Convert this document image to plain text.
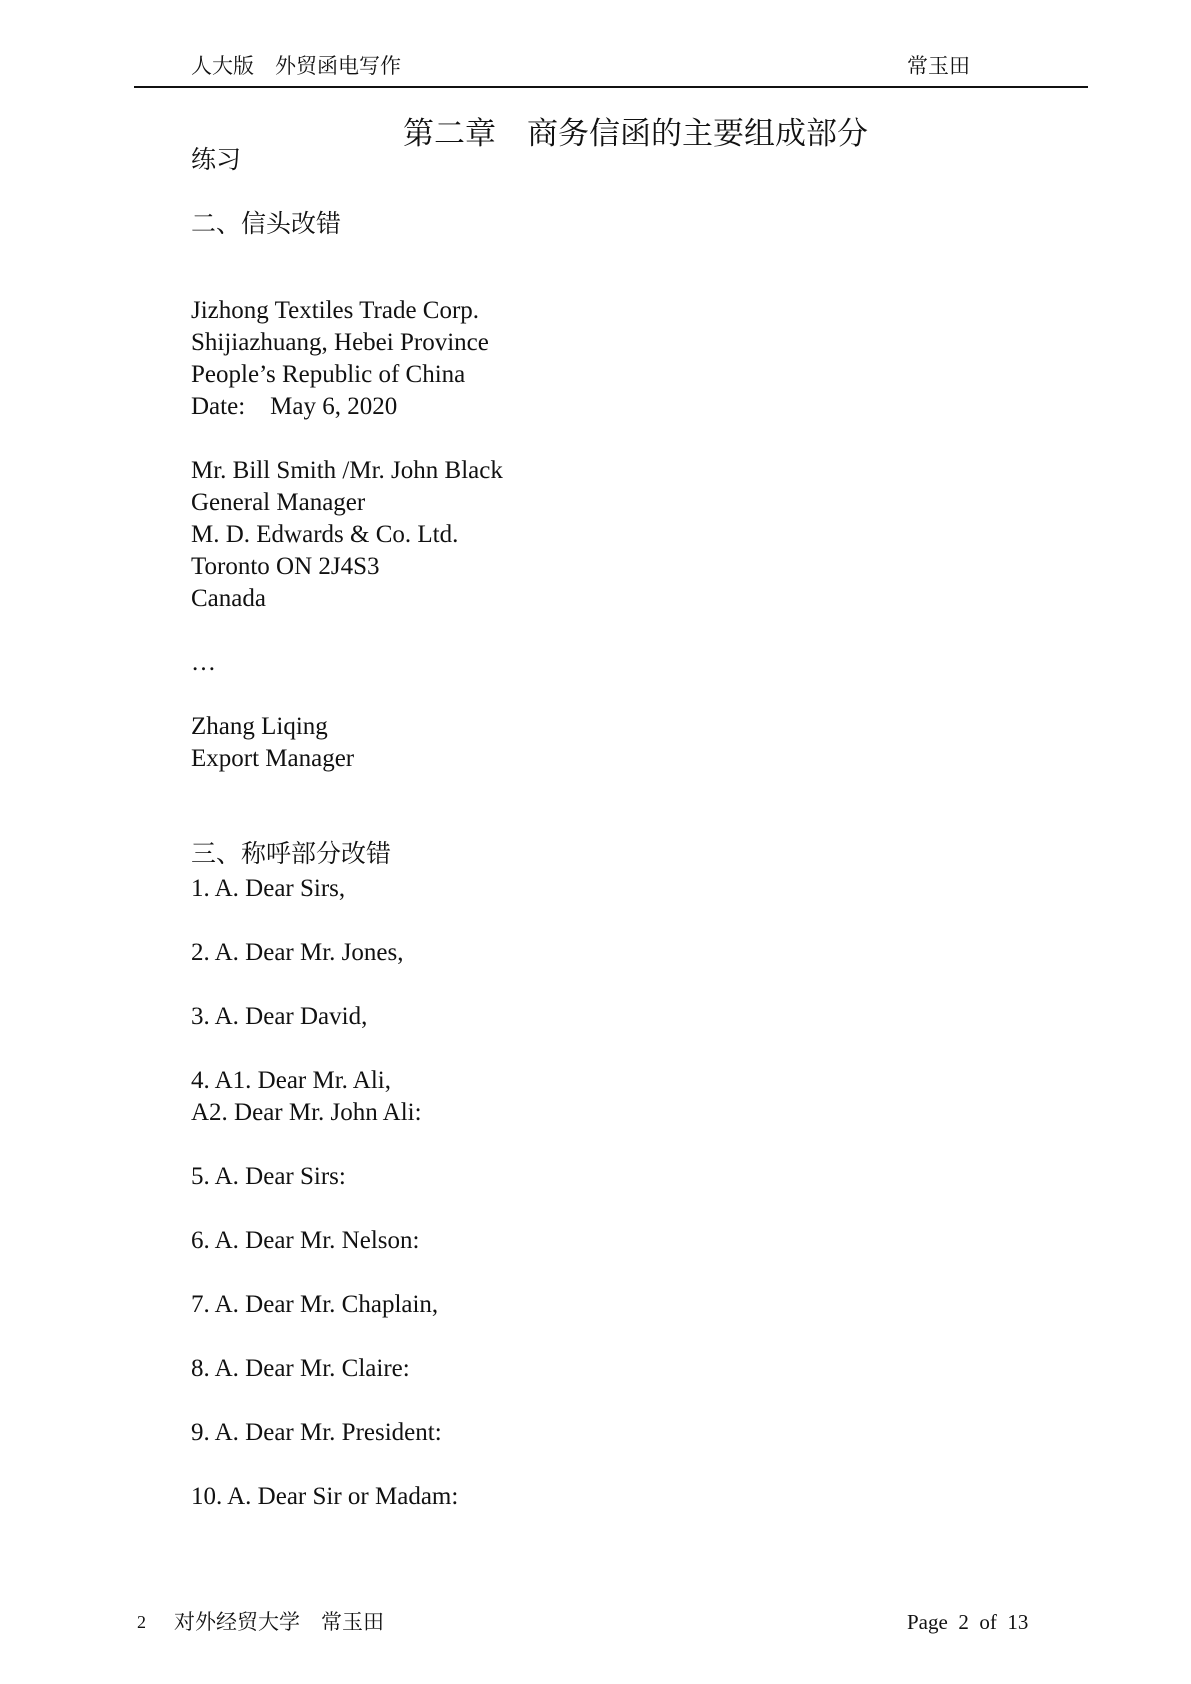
人大版　外贸函电写作	常玉田
第二章　商务信函的主要组成部分
练习
二、信头改错
Jizhong Textiles Trade Corp.
Shijiazhuang, Hebei Province
People’s Republic of China
Date:    May 6, 2020
Mr. Bill Smith /Mr. John Black
General Manager
M. D. Edwards & Co. Ltd.
Toronto ON 2J4S3
Canada
…
Zhang Liqing
Export Manager
三、称呼部分改错
1. A. Dear Sirs,
2. A. Dear Mr. Jones,
3. A. Dear David,
4. A1. Dear Mr. Ali,
A2. Dear Mr. John Ali:
5. A. Dear Sirs:
6. A. Dear Mr. Nelson:
7. A. Dear Mr. Chaplain,
8. A. Dear Mr. Claire:
9. A. Dear Mr. President:
10. A. Dear Sir or Madam:
2 对外经贸大学　常玉田	Page  2  of  13
